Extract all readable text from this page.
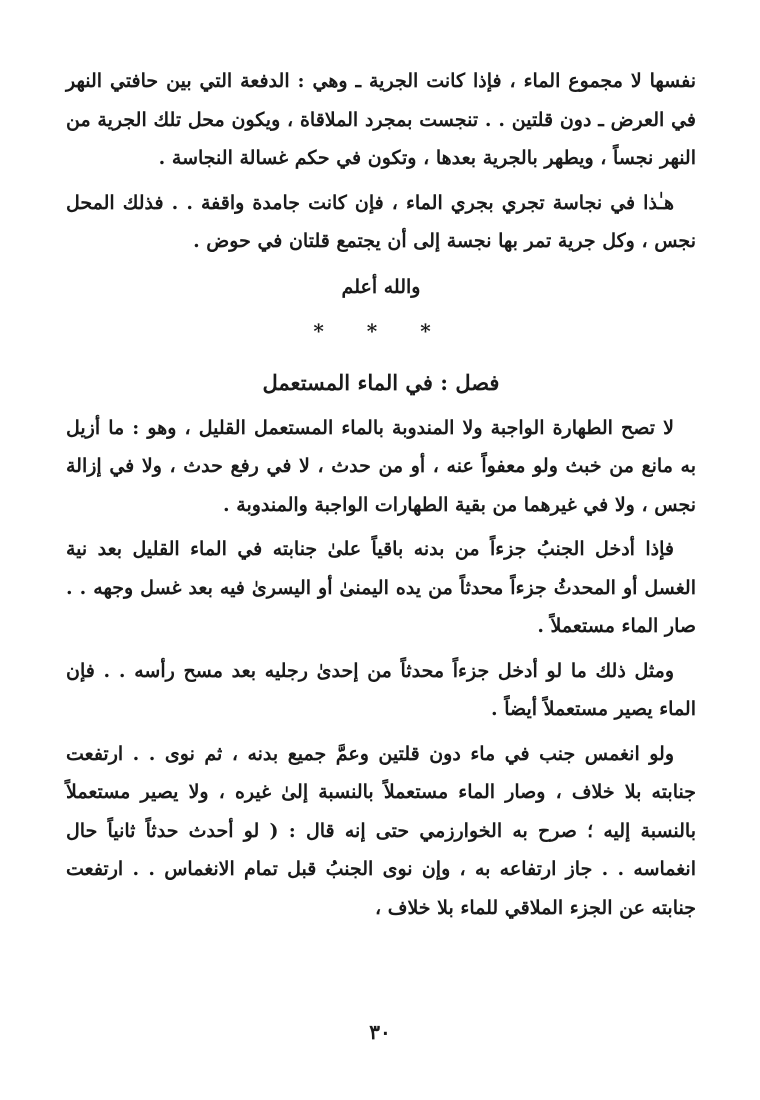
نفسها لا مجموع الماء ، فإذا كانت الجرية ـ وهي : الدفعة التي بين حافتي النهر في العرض ـ دون قلتين . . تنجست بمجرد الملاقاة ، ويكون محل تلك الجرية من النهر نجساً ، ويطهر بالجرية بعدها ، وتكون في حكم غسالة النجاسة .

هـٰذا في نجاسة تجري بجري الماء ، فإن كانت جامدة واقفة . . فذلك المحل نجس ، وكل جرية تمر بها نجسة إلى أن يجتمع قلتان في حوض .

والله أعلم
* * *
فصل : في الماء المستعمل

لا تصح الطهارة الواجبة ولا المندوبة بالماء المستعمل القليل ، وهو : ما أزيل به مانع من خبث ولو معفواً عنه ، أو من حدث ، لا في رفع حدث ، ولا في إزالة نجس ، ولا في غيرهما من بقية الطهارات الواجبة والمندوبة .

فإذا أدخل الجنبُ جزءاً من بدنه باقياً علىٰ جنابته في الماء القليل بعد نية الغسل أو المحدثُ جزءاً محدثاً من يده اليمنىٰ أو اليسرىٰ فيه بعد غسل وجهه . . صار الماء مستعملاً .

ومثل ذلك ما لو أدخل جزءاً محدثاً من إحدىٰ رجليه بعد مسح رأسه . . فإن الماء يصير مستعملاً أيضاً .

ولو انغمس جنب في ماء دون قلتين وعمَّ جميع بدنه ، ثم نوى . . ارتفعت جنابته بلا خلاف ، وصار الماء مستعملاً بالنسبة إلىٰ غيره ، ولا يصير مستعملاً بالنسبة إليه ؛ صرح به الخوارزمي حتى إنه قال : ( لو أحدث حدثاً ثانياً حال انغماسه . . جاز ارتفاعه به ، وإن نوى الجنبُ قبل تمام الانغماس . . ارتفعت جنابته عن الجزء الملاقي للماء بلا خلاف ،

٣٠
